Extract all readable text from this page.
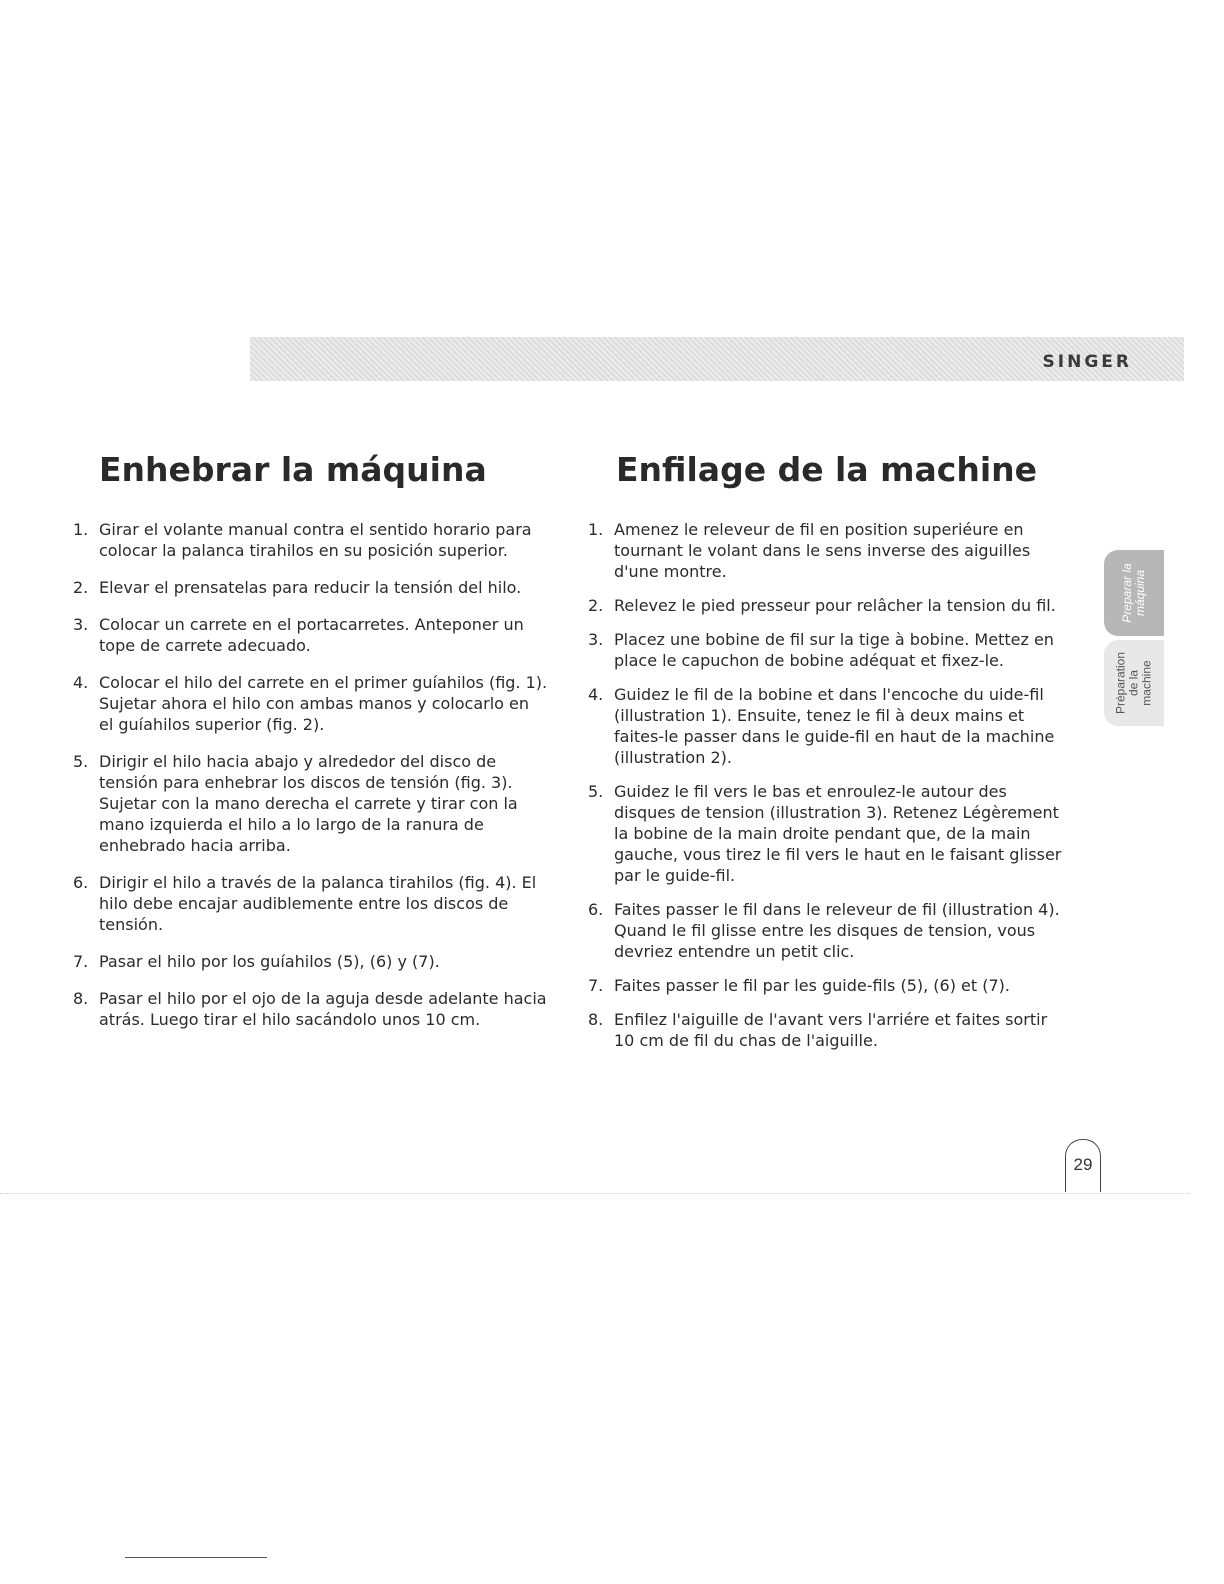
SINGER
Enhebrar la máquina
1. Girar el volante manual contra el sentido horario para colocar la palanca tirahilos en su posición superior.
2. Elevar el prensatelas para reducir la tensión del hilo.
3. Colocar un carrete en el portacarretes. Anteponer un tope de carrete adecuado.
4. Colocar el hilo del carrete en el primer guíahilos (fig. 1). Sujetar ahora el hilo con ambas manos y colocarlo en el guíahilos superior (fig. 2).
5. Dirigir el hilo hacia abajo y alrededor del disco de tensión para enhebrar los discos de tensión (fig. 3). Sujetar con la mano derecha el carrete y tirar con la mano izquierda el hilo a lo largo de la ranura de enhebrado hacia arriba.
6. Dirigir el hilo a través de la palanca tirahilos (fig. 4). El hilo debe encajar audiblemente entre los discos de tensión.
7. Pasar el hilo por los guíahilos (5), (6) y (7).
8. Pasar el hilo por el ojo de la aguja desde adelante hacia atrás. Luego tirar el hilo sacándolo unos 10 cm.
Enfilage de la machine
1. Amenez le releveur de fil en position superiéure en tournant le volant dans le sens inverse des aiguilles d'une montre.
2. Relevez le pied presseur pour relâcher la tension du fil.
3. Placez une bobine de fil sur la tige à bobine. Mettez en place le capuchon de bobine adéquat et fixez-le.
4. Guidez le fil de la bobine et dans l'encoche du uide-fil (illustration 1). Ensuite, tenez le fil à deux mains et faites-le passer dans le guide-fil en haut de la machine (illustration 2).
5. Guidez le fil vers le bas et enroulez-le autour des disques de tension (illustration 3). Retenez Légèrement la bobine de la main droite pendant que, de la main gauche, vous tirez le fil vers le haut en le faisant glisser par le guide-fil.
6. Faites passer le fil dans le releveur de fil (illustration 4). Quand le fil glisse entre les disques de tension, vous devriez entendre un petit clic.
7. Faites passer le fil par les guide-fils (5), (6) et (7).
8. Enfilez l'aiguille de l'avant vers l'arriére et faites sortir 10 cm de fil du chas de l'aiguille.
Preparar la
máquina
Préparation
de la
machine
29
